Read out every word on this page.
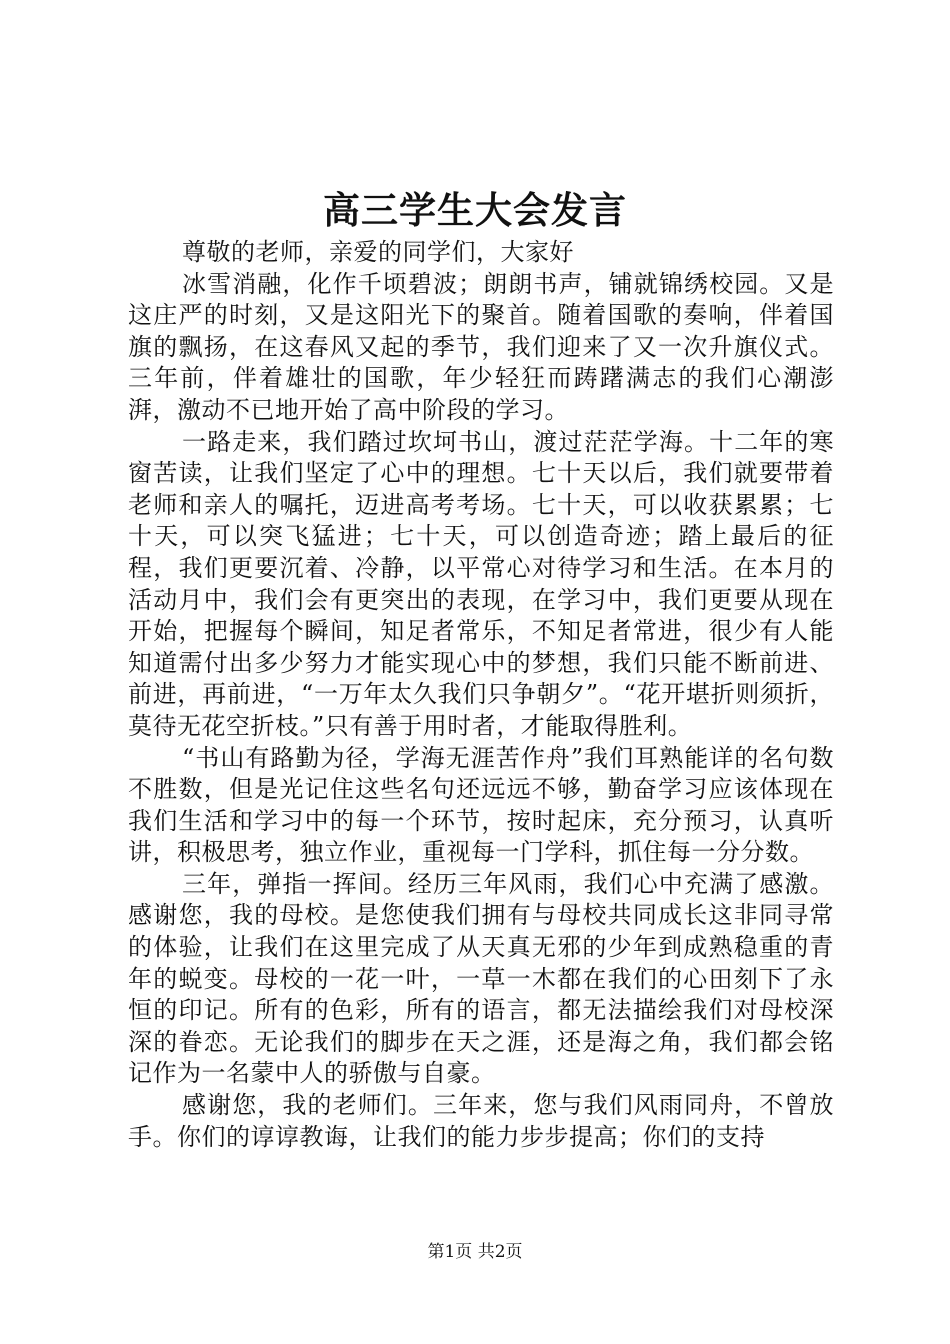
高三学生大会发言

尊敬的老师，亲爱的同学们，大家好

冰雪消融，化作千顷碧波；朗朗书声，铺就锦绣校园。又是这庄严的时刻，又是这阳光下的聚首。随着国歌的奏响，伴着国旗的飘扬，在这春风又起的季节，我们迎来了又一次升旗仪式。三年前，伴着雄壮的国歌，年少轻狂而踌躇满志的我们心潮澎湃，激动不已地开始了高中阶段的学习。

一路走来，我们踏过坎坷书山，渡过茫茫学海。十二年的寒窗苦读，让我们坚定了心中的理想。七十天以后，我们就要带着老师和亲人的嘱托，迈进高考考场。七十天，可以收获累累；七十天，可以突飞猛进；七十天，可以创造奇迹；踏上最后的征程，我们更要沉着、冷静，以平常心对待学习和生活。在本月的活动月中，我们会有更突出的表现，在学习中，我们更要从现在开始，把握每个瞬间，知足者常乐，不知足者常进，很少有人能知道需付出多少努力才能实现心中的梦想，我们只能不断前进、前进，再前进，“一万年太久我们只争朝夕”。“花开堪折则须折，莫待无花空折枝。”只有善于用时者，才能取得胜利。

“书山有路勤为径，学海无涯苦作舟”我们耳熟能详的名句数不胜数，但是光记住这些名句还远远不够，勤奋学习应该体现在我们生活和学习中的每一个环节，按时起床，充分预习，认真听讲，积极思考，独立作业，重视每一门学科，抓住每一分分数。

三年，弹指一挥间。经历三年风雨，我们心中充满了感激。感谢您，我的母校。是您使我们拥有与母校共同成长这非同寻常的体验，让我们在这里完成了从天真无邪的少年到成熟稳重的青年的蜕变。母校的一花一叶，一草一木都在我们的心田刻下了永恒的印记。所有的色彩，所有的语言，都无法描绘我们对母校深深的眷恋。无论我们的脚步在天之涯，还是海之角，我们都会铭记作为一名蒙中人的骄傲与自豪。

感谢您，我的老师们。三年来，您与我们风雨同舟，不曾放手。你们的谆谆教诲，让我们的能力步步提高；你们的支持

第1页 共2页
